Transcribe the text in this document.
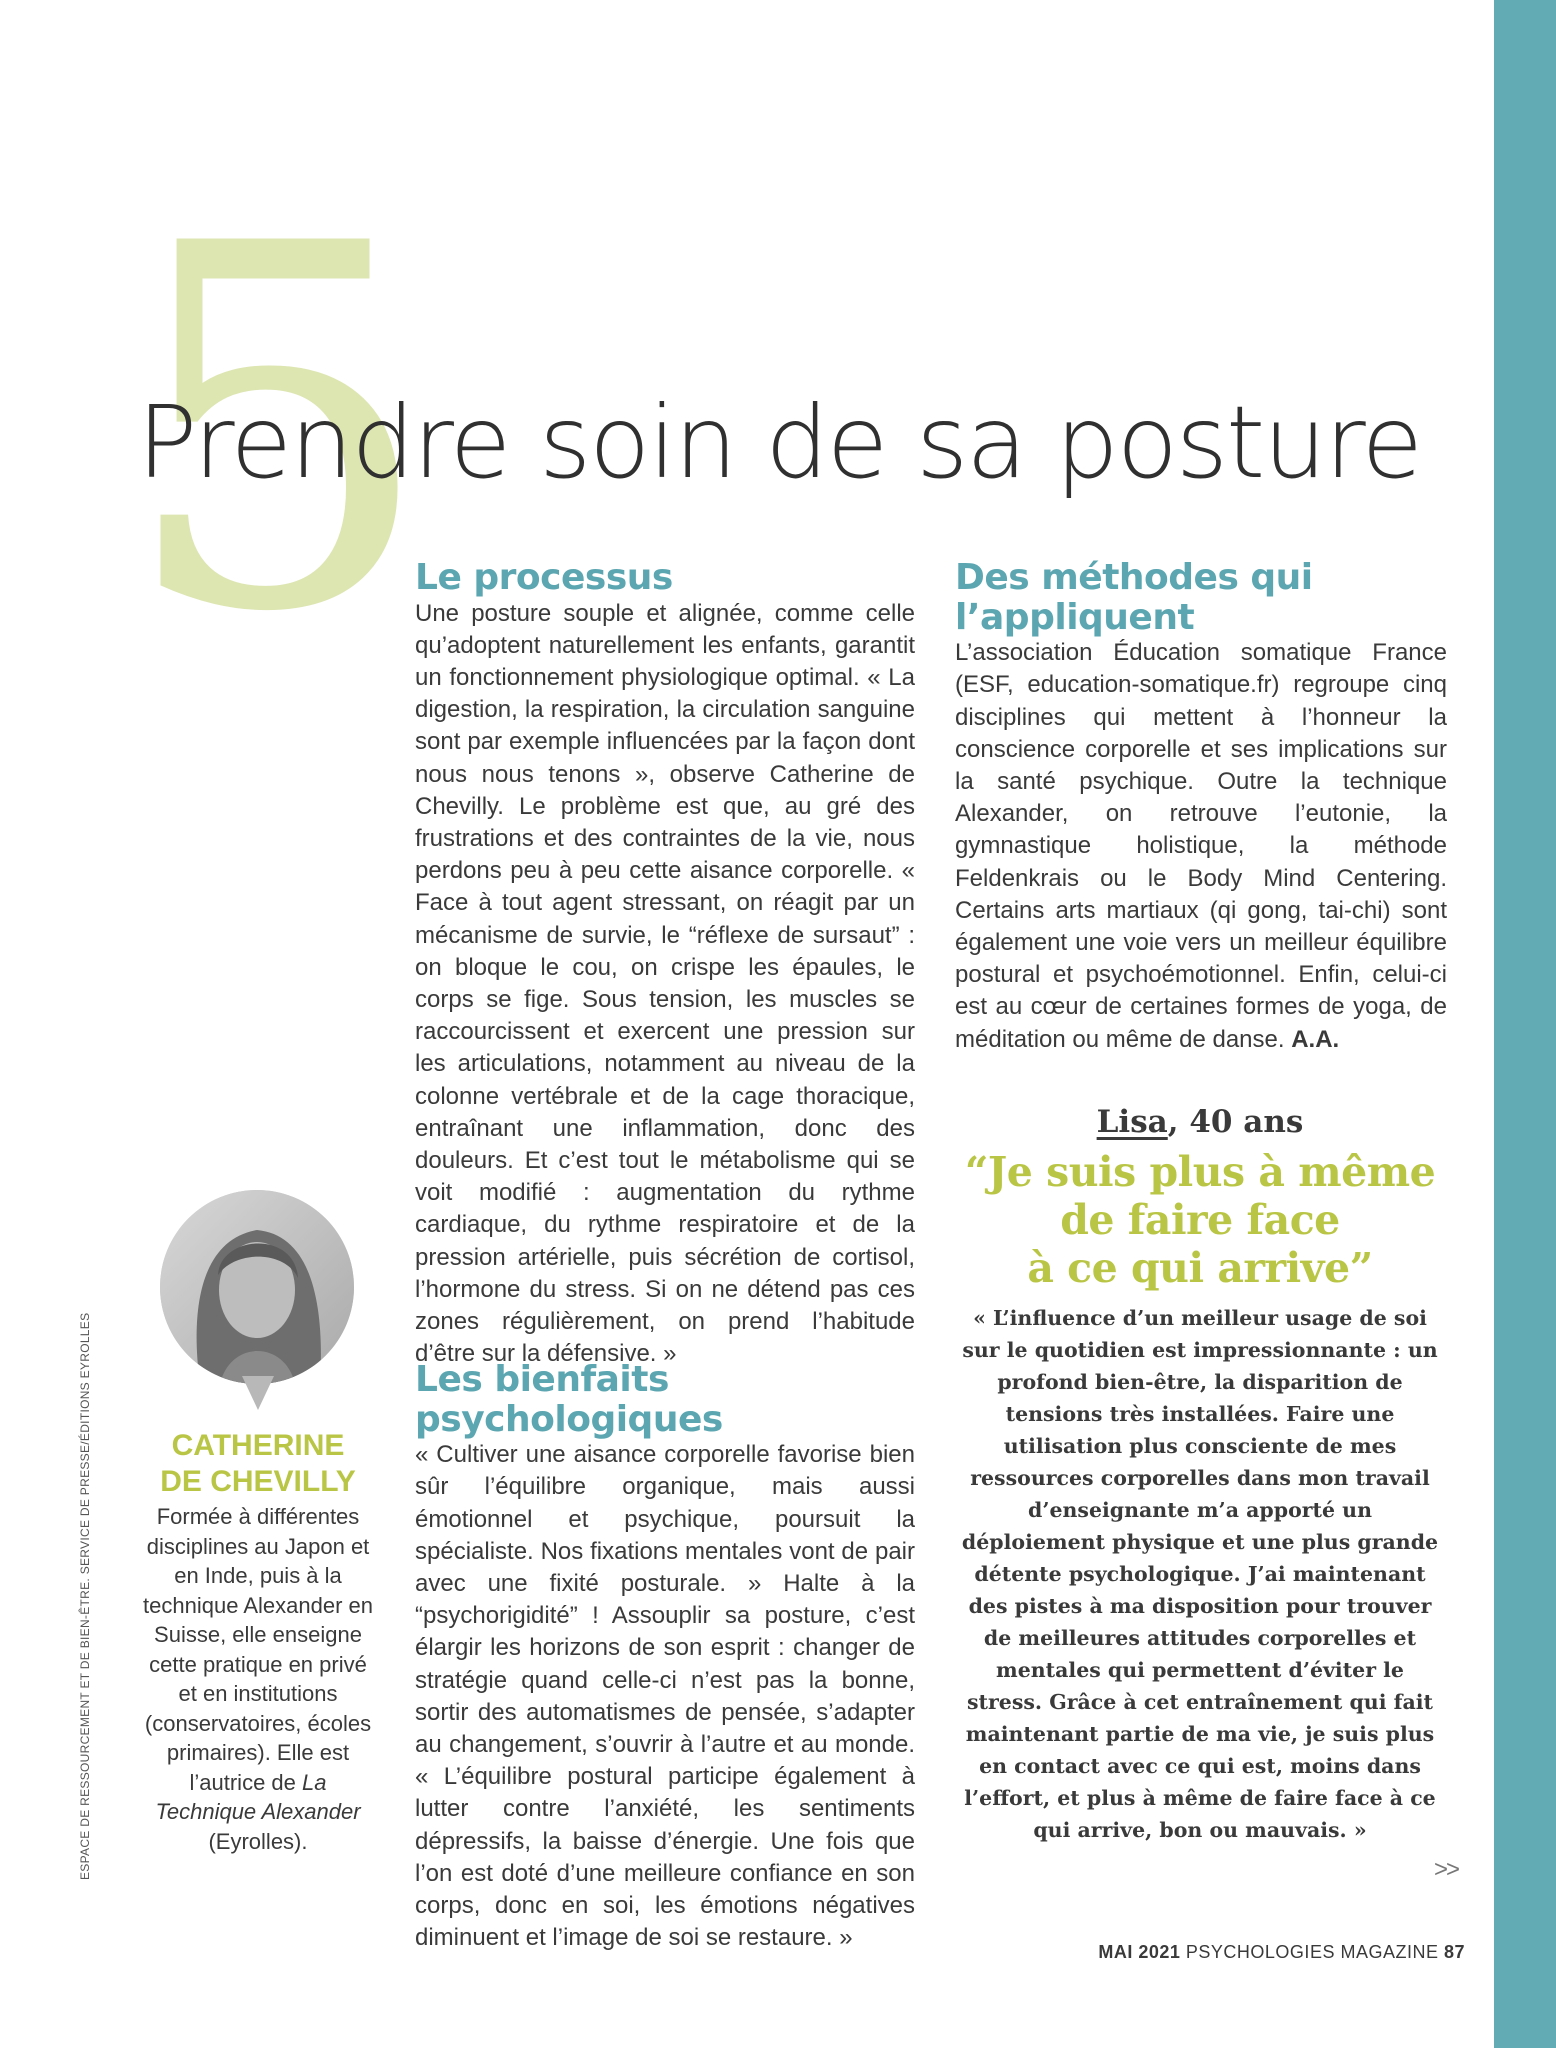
5
Prendre soin de sa posture
Le processus

Une posture souple et alignée, comme celle qu’adoptent naturellement les enfants, garantit un fonctionnement physiologique optimal. « La digestion, la respiration, la circulation sanguine sont par exemple influencées par la façon dont nous nous tenons », observe Catherine de Chevilly. Le problème est que, au gré des frustrations et des contraintes de la vie, nous perdons peu à peu cette aisance corporelle. « Face à tout agent stressant, on réagit par un mécanisme de survie, le “réflexe de sursaut” : on bloque le cou, on crispe les épaules, le corps se fige. Sous tension, les muscles se raccourcissent et exercent une pression sur les articulations, notamment au niveau de la colonne vertébrale et de la cage thoracique, entraînant une inflammation, donc des douleurs. Et c’est tout le métabolisme qui se voit modifié : augmentation du rythme cardiaque, du rythme respiratoire et de la pression artérielle, puis sécrétion de cortisol, l’hormone du stress. Si on ne détend pas ces zones régulièrement, on prend l’habitude d’être sur la défensive. »

Les bienfaits psychologiques

« Cultiver une aisance corporelle favorise bien sûr l’équilibre organique, mais aussi émotionnel et psychique, poursuit la spécialiste. Nos fixations mentales vont de pair avec une fixité posturale. » Halte à la “psychorigidité” ! Assouplir sa posture, c’est élargir les horizons de son esprit : changer de stratégie quand celle-ci n’est pas la bonne, sortir des automatismes de pensée, s’adapter au changement, s’ouvrir à l’autre et au monde. « L’équilibre postural participe également à lutter contre l’anxiété, les sentiments dépressifs, la baisse d’énergie. Une fois que l’on est doté d’une meilleure confiance en son corps, donc en soi, les émotions négatives diminuent et l’image de soi se restaure. »

Des méthodes qui l’appliquent

L’association Éducation somatique France (ESF, education-somatique.fr) regroupe cinq disciplines qui mettent à l’honneur la conscience corporelle et ses implications sur la santé psychique. Outre la technique Alexander, on retrouve l’eutonie, la gymnastique holistique, la méthode Feldenkrais ou le Body Mind Centering. Certains arts martiaux (qi gong, tai-chi) sont également une voie vers un meilleur équilibre postural et psychoémotionnel. Enfin, celui-ci est au cœur de certaines formes de yoga, de méditation ou même de danse. A.A.

CATHERINE
DE CHEVILLY

Formée à différentes disciplines au Japon et en Inde, puis à la technique Alexander en Suisse, elle enseigne cette pratique en privé et en institutions (conservatoires, écoles primaires). Elle est l’autrice de La Technique Alexander (Eyrolles).

ESPACE DE RESSOURCEMENT ET DE BIEN-ÊTRE. SERVICE DE PRESSE/ÉDITIONS EYROLLES

Lisa, 40 ans

“Je suis plus à même
de faire face
à ce qui arrive”

« L’influence d’un meilleur usage de soi sur le quotidien est impressionnante : un profond bien-être, la disparition de tensions très installées. Faire une utilisation plus consciente de mes ressources corporelles dans mon travail d’enseignante m’a apporté un déploiement physique et une plus grande détente psychologique. J’ai maintenant des pistes à ma disposition pour trouver de meilleures attitudes corporelles et mentales qui permettent d’éviter le stress. Grâce à cet entraînement qui fait maintenant partie de ma vie, je suis plus en contact avec ce qui est, moins dans l’effort, et plus à même de faire face à ce qui arrive, bon ou mauvais. »

>>
MAI 2021 PSYCHOLOGIES MAGAZINE 87
